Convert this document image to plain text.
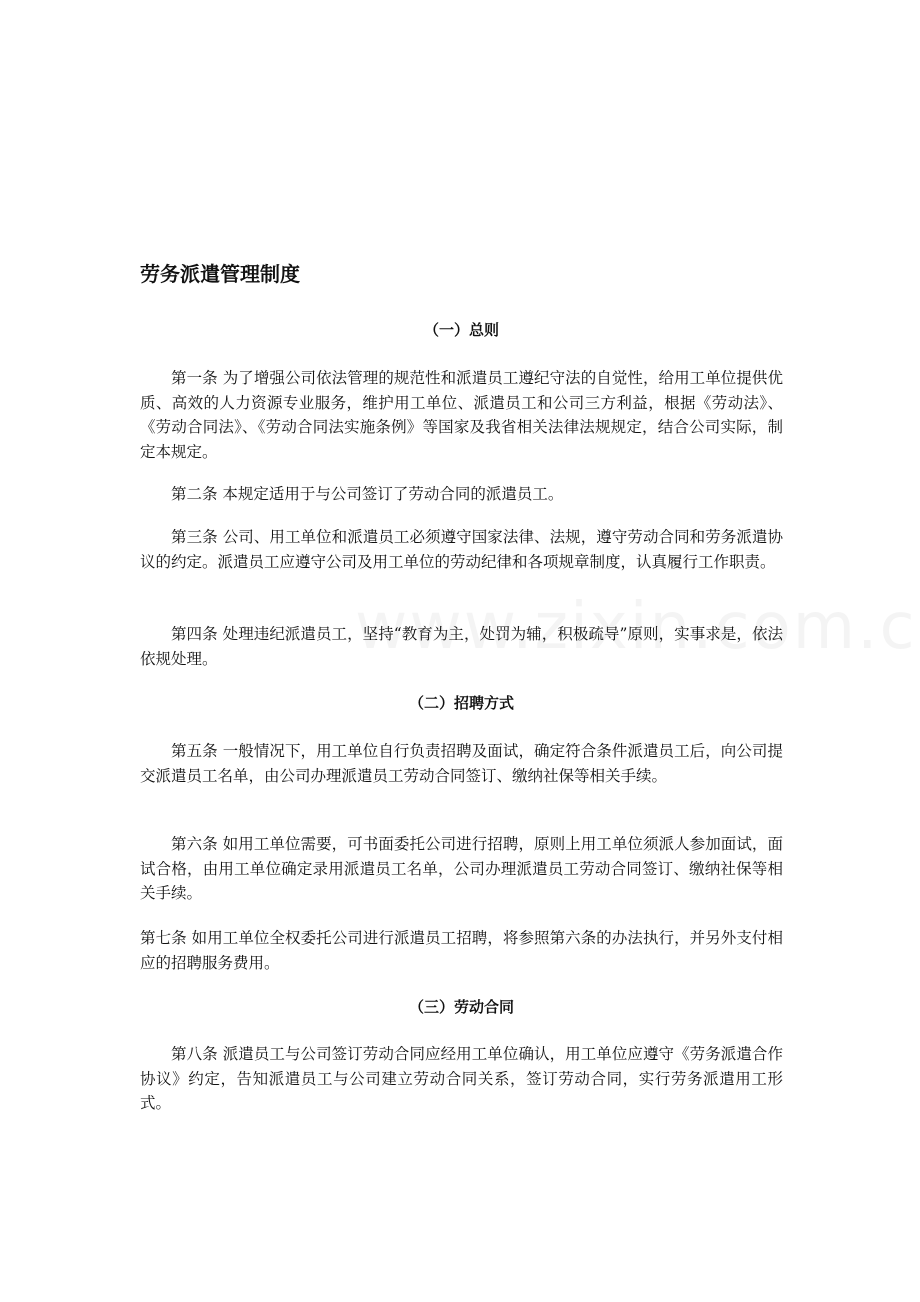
劳务派遣管理制度
（一）总则

第一条 为了增强公司依法管理的规范性和派遣员工遵纪守法的自觉性，给用工单位提供优质、高效的人力资源专业服务，维护用工单位、派遣员工和公司三方利益，根据《劳动法》、《劳动合同法》、《劳动合同法实施条例》等国家及我省相关法律法规规定，结合公司实际，制定本规定。

第二条 本规定适用于与公司签订了劳动合同的派遣员工。

第三条 公司、用工单位和派遣员工必须遵守国家法律、法规，遵守劳动合同和劳务派遣协议的约定。派遣员工应遵守公司及用工单位的劳动纪律和各项规章制度，认真履行工作职责。

第四条 处理违纪派遣员工，坚持“教育为主，处罚为辅，积极疏导”原则，实事求是，依法依规处理。

（二）招聘方式

第五条 一般情况下，用工单位自行负责招聘及面试，确定符合条件派遣员工后，向公司提交派遣员工名单，由公司办理派遣员工劳动合同签订、缴纳社保等相关手续。

第六条 如用工单位需要，可书面委托公司进行招聘，原则上用工单位须派人参加面试，面试合格，由用工单位确定录用派遣员工名单，公司办理派遣员工劳动合同签订、缴纳社保等相关手续。

第七条 如用工单位全权委托公司进行派遣员工招聘，将参照第六条的办法执行，并另外支付相应的招聘服务费用。

（三）劳动合同

第八条 派遣员工与公司签订劳动合同应经用工单位确认，用工单位应遵守《劳务派遣合作协议》约定，告知派遣员工与公司建立劳动合同关系，签订劳动合同，实行劳务派遣用工形式。
